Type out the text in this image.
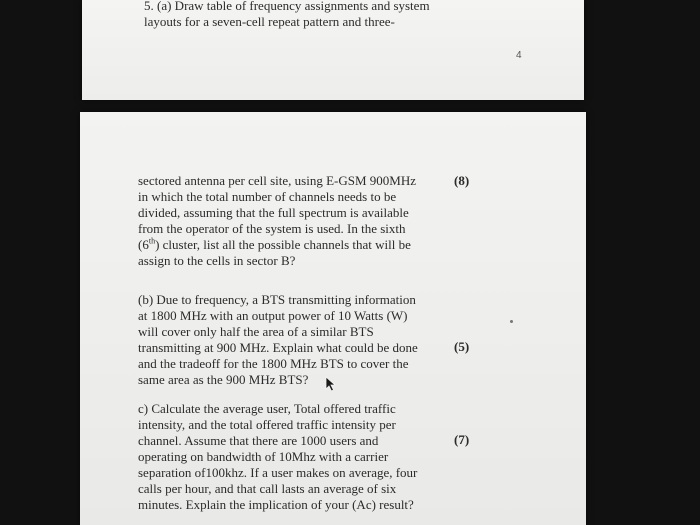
5. (a) Draw table of frequency assignments and system
layouts for a seven-cell repeat pattern and three-
4
sectored antenna per cell site, using E-GSM 900MHz
in which the total number of channels needs to be
divided, assuming that the full spectrum is available
from the operator of the system is used. In the sixth
(6th) cluster, list all the possible channels that will be
assign to the cells in sector B?
(8)
(b) Due to frequency, a BTS transmitting information
at 1800 MHz with an output power of 10 Watts (W)
will cover only half the area of a similar BTS
transmitting at 900 MHz. Explain what could be done
and the tradeoff for the 1800 MHz BTS to cover the
same area as the 900 MHz BTS?
(5)
c) Calculate the average user, Total offered traffic
intensity, and the total offered traffic intensity per
channel. Assume that there are 1000 users and
operating on bandwidth of 10Mhz with a carrier
separation of100khz. If a user makes on average, four
calls per hour, and that call lasts an average of six
minutes. Explain the implication of your (Ac) result?
(7)
